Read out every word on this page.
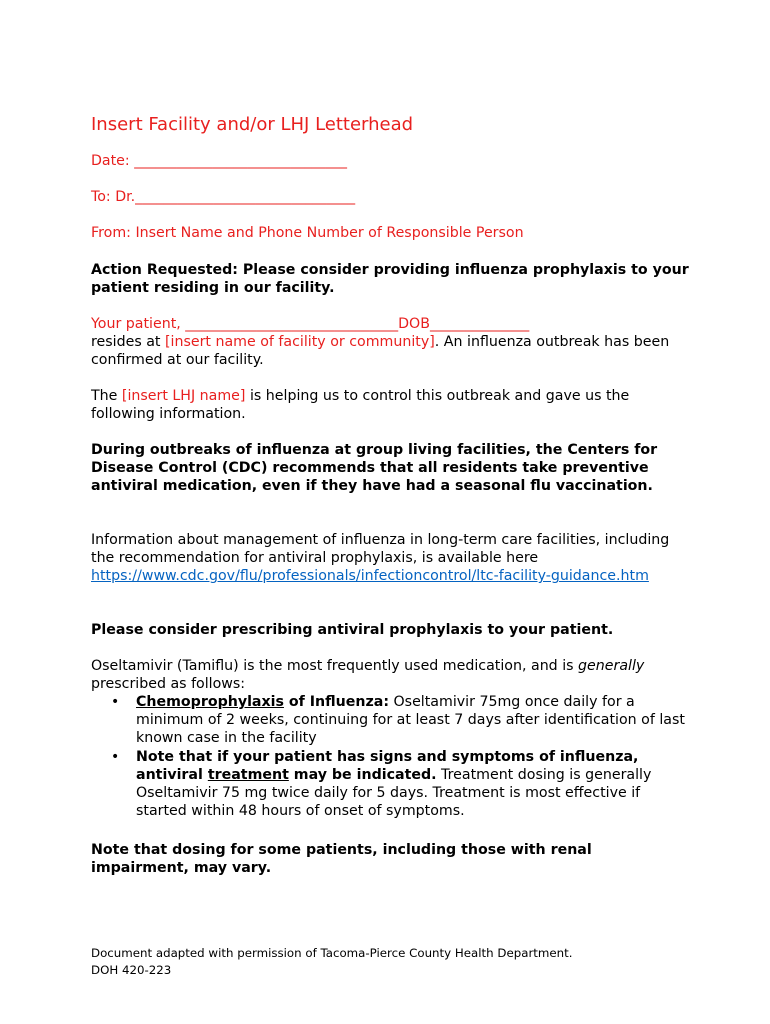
Insert Facility and/or LHJ Letterhead
Date: ______________________________
To: Dr._______________________________
From: Insert Name and Phone Number of Responsible Person
Action Requested: Please consider providing influenza prophylaxis to your patient residing in our facility.
Your patient, ______________________________DOB______________
resides at [insert name of facility or community]. An influenza outbreak has been confirmed at our facility.
The [insert LHJ name] is helping us to control this outbreak and gave us the following information.
During outbreaks of influenza at group living facilities, the Centers for Disease Control (CDC) recommends that all residents take preventive antiviral medication, even if they have had a seasonal flu vaccination.
Information about management of influenza in long-term care facilities, including the recommendation for antiviral prophylaxis, is available here https://www.cdc.gov/flu/professionals/infectioncontrol/ltc-facility-guidance.htm
Please consider prescribing antiviral prophylaxis to your patient.
Oseltamivir (Tamiflu) is the most frequently used medication, and is generally prescribed as follows:
• Chemoprophylaxis of Influenza: Oseltamivir 75mg once daily for a minimum of 2 weeks, continuing for at least 7 days after identification of last known case in the facility
• Note that if your patient has signs and symptoms of influenza, antiviral treatment may be indicated. Treatment dosing is generally Oseltamivir 75 mg twice daily for 5 days. Treatment is most effective if started within 48 hours of onset of symptoms.
Note that dosing for some patients, including those with renal impairment, may vary.
Document adapted with permission of Tacoma-Pierce County Health Department.
DOH 420-223
